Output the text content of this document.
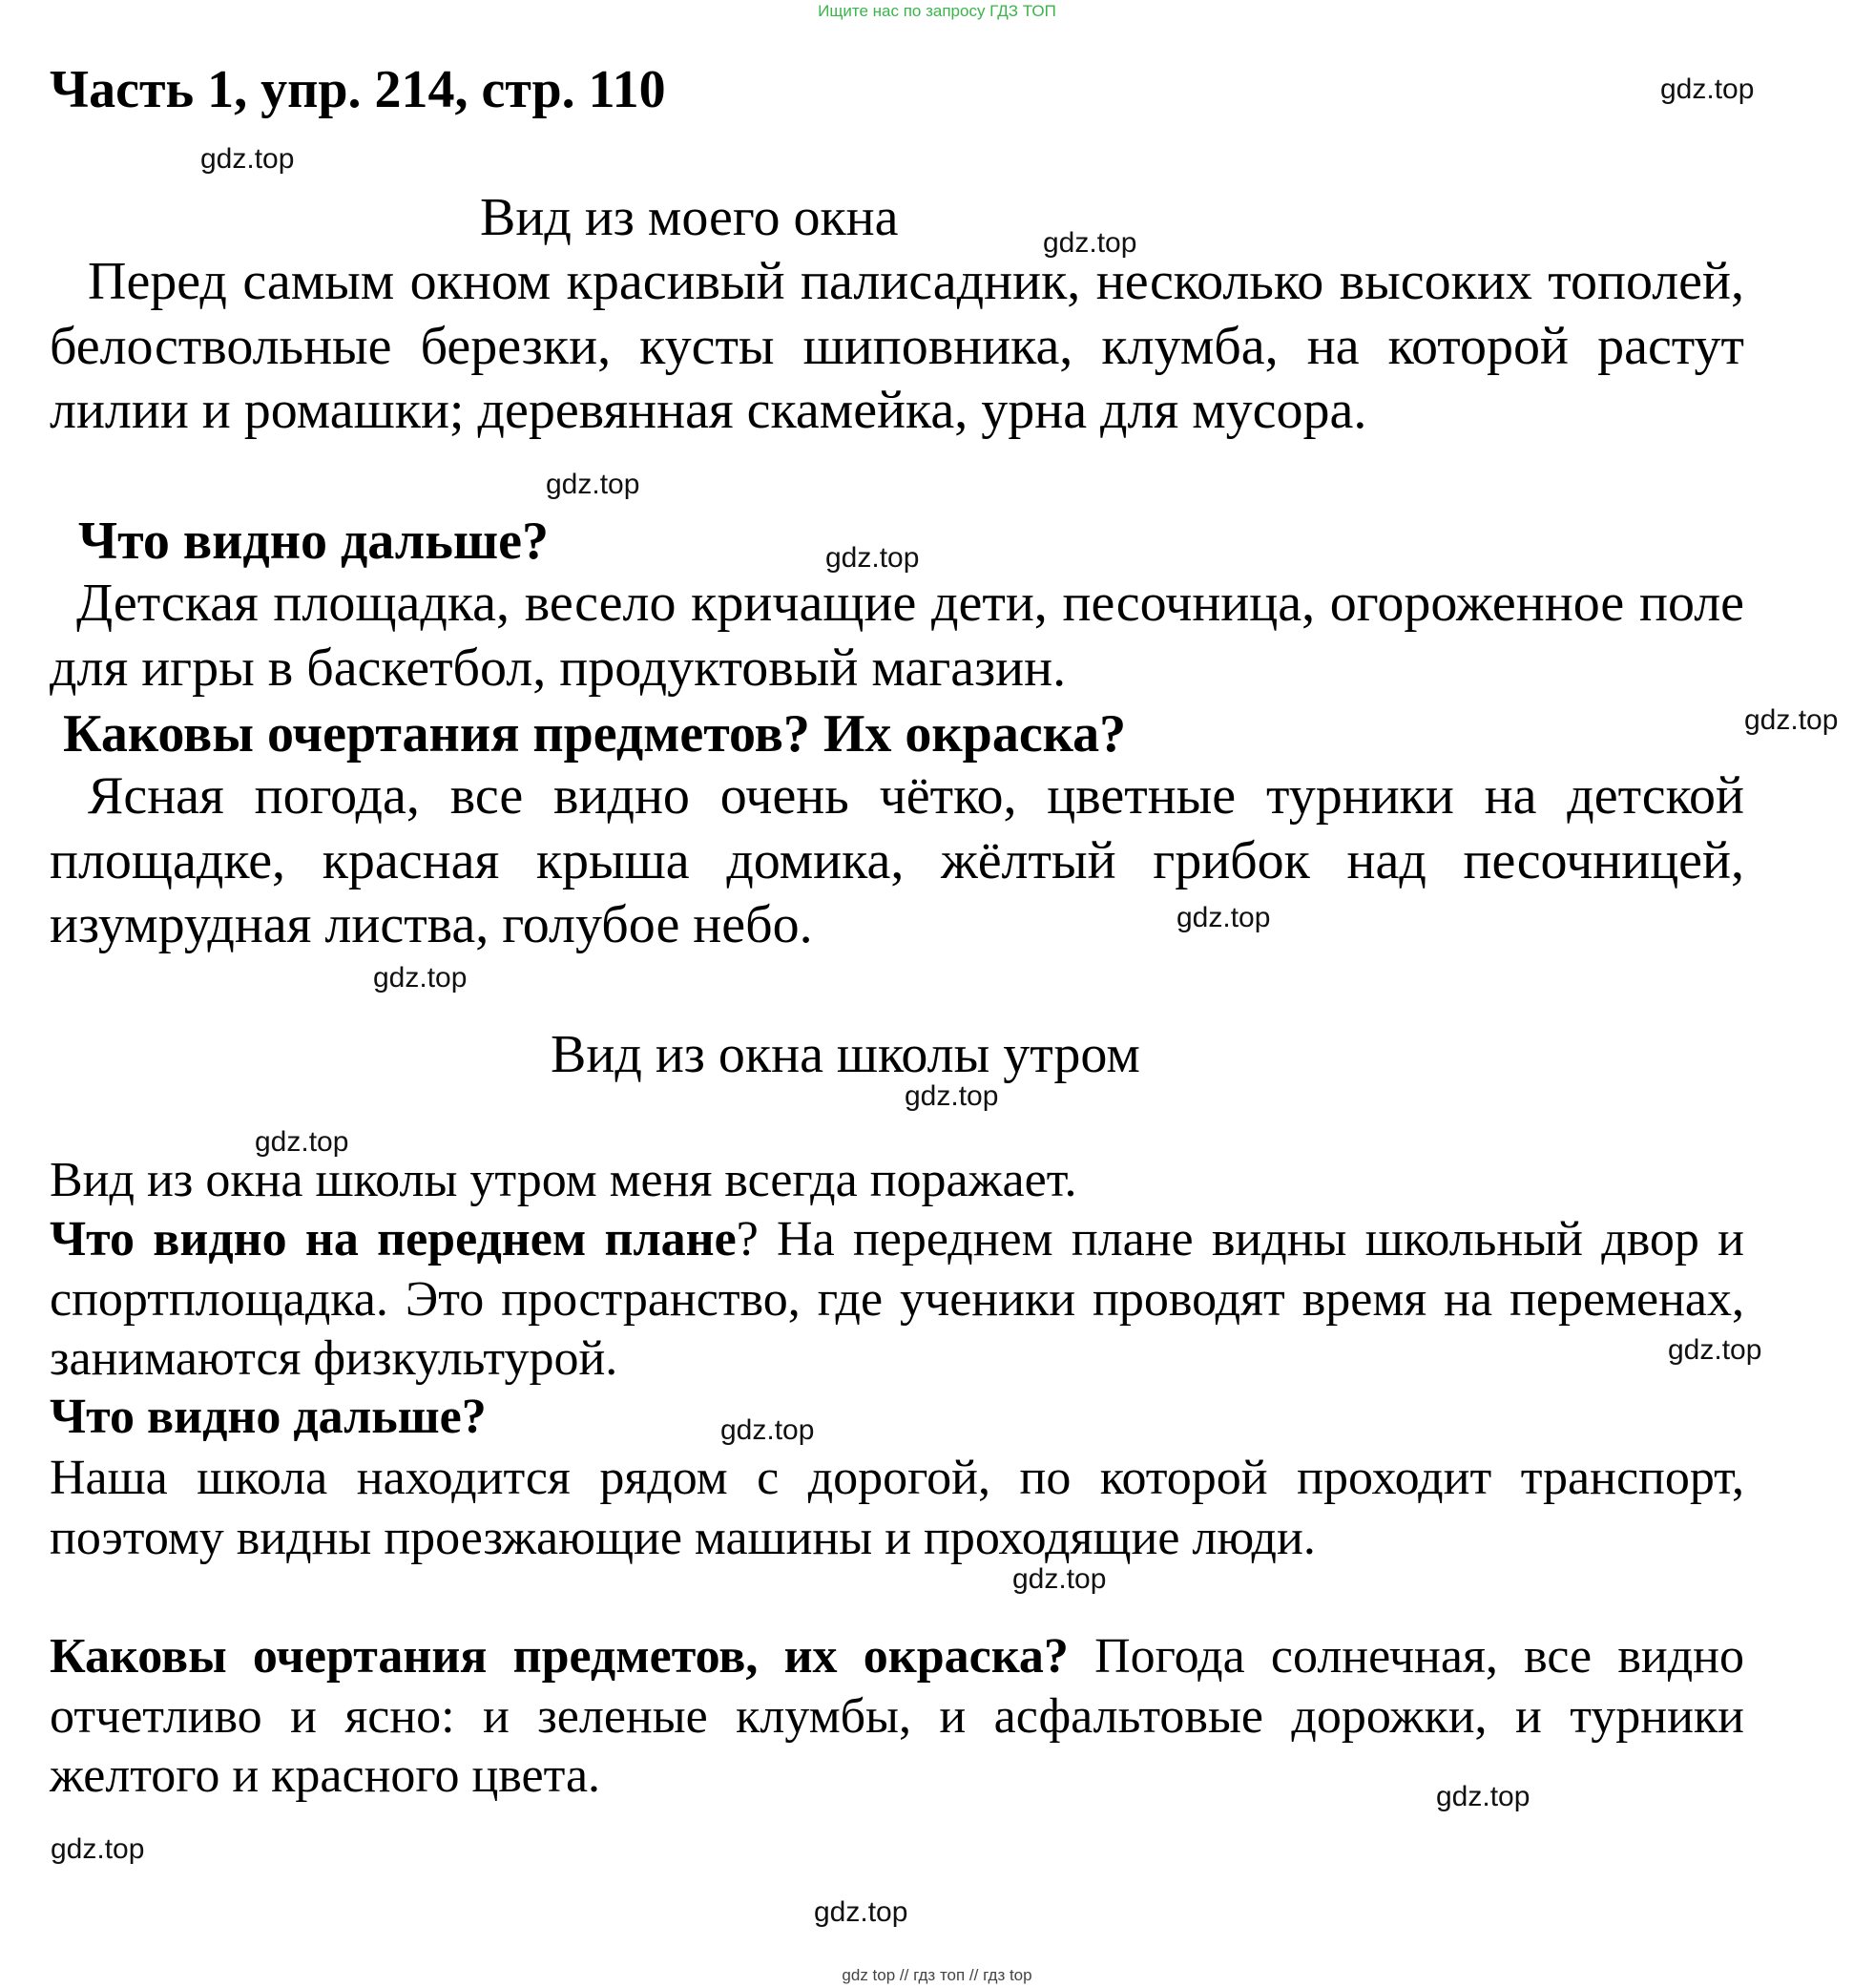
Ищите нас по запросу ГДЗ ТОП
Часть 1, упр. 214, стр. 110
Вид из моего окна
Перед самым окном красивый палисадник, несколько высоких тополей, белоствольные березки, кусты шиповника, клумба, на которой растут лилии и ромашки; деревянная скамейка, урна для мусора.
Что видно дальше?
Детская площадка, весело кричащие дети, песочница, огороженное поле для игры в баскетбол, продуктовый магазин.
Каковы очертания предметов? Их окраска?
Ясная погода, все видно очень чётко, цветные турники на детской площадке, красная крыша домика, жёлтый грибок над песочницей, изумрудная листва, голубое небо.
Вид из окна школы утром
Вид из окна школы утром меня всегда поражает.
Что видно на переднем плане? На переднем плане видны школьный двор и спортплощадка. Это пространство, где ученики проводят время на переменах, занимаются физкультурой.
Что видно дальше?
Наша школа находится рядом с дорогой, по которой проходит транспорт, поэтому видны проезжающие машины и проходящие люди.
Каковы очертания предметов, их окраска? Погода солнечная, все видно отчетливо и ясно: и зеленые клумбы, и асфальтовые дорожки, и турники желтого и красного цвета.
gdz.top
gdz.top
gdz.top
gdz.top
gdz.top
gdz.top
gdz.top
gdz.top
gdz.top
gdz.top
gdz.top
gdz.top
gdz.top
gdz.top
gdz.top
gdz.top
gdz top // гдз топ // гдз top
